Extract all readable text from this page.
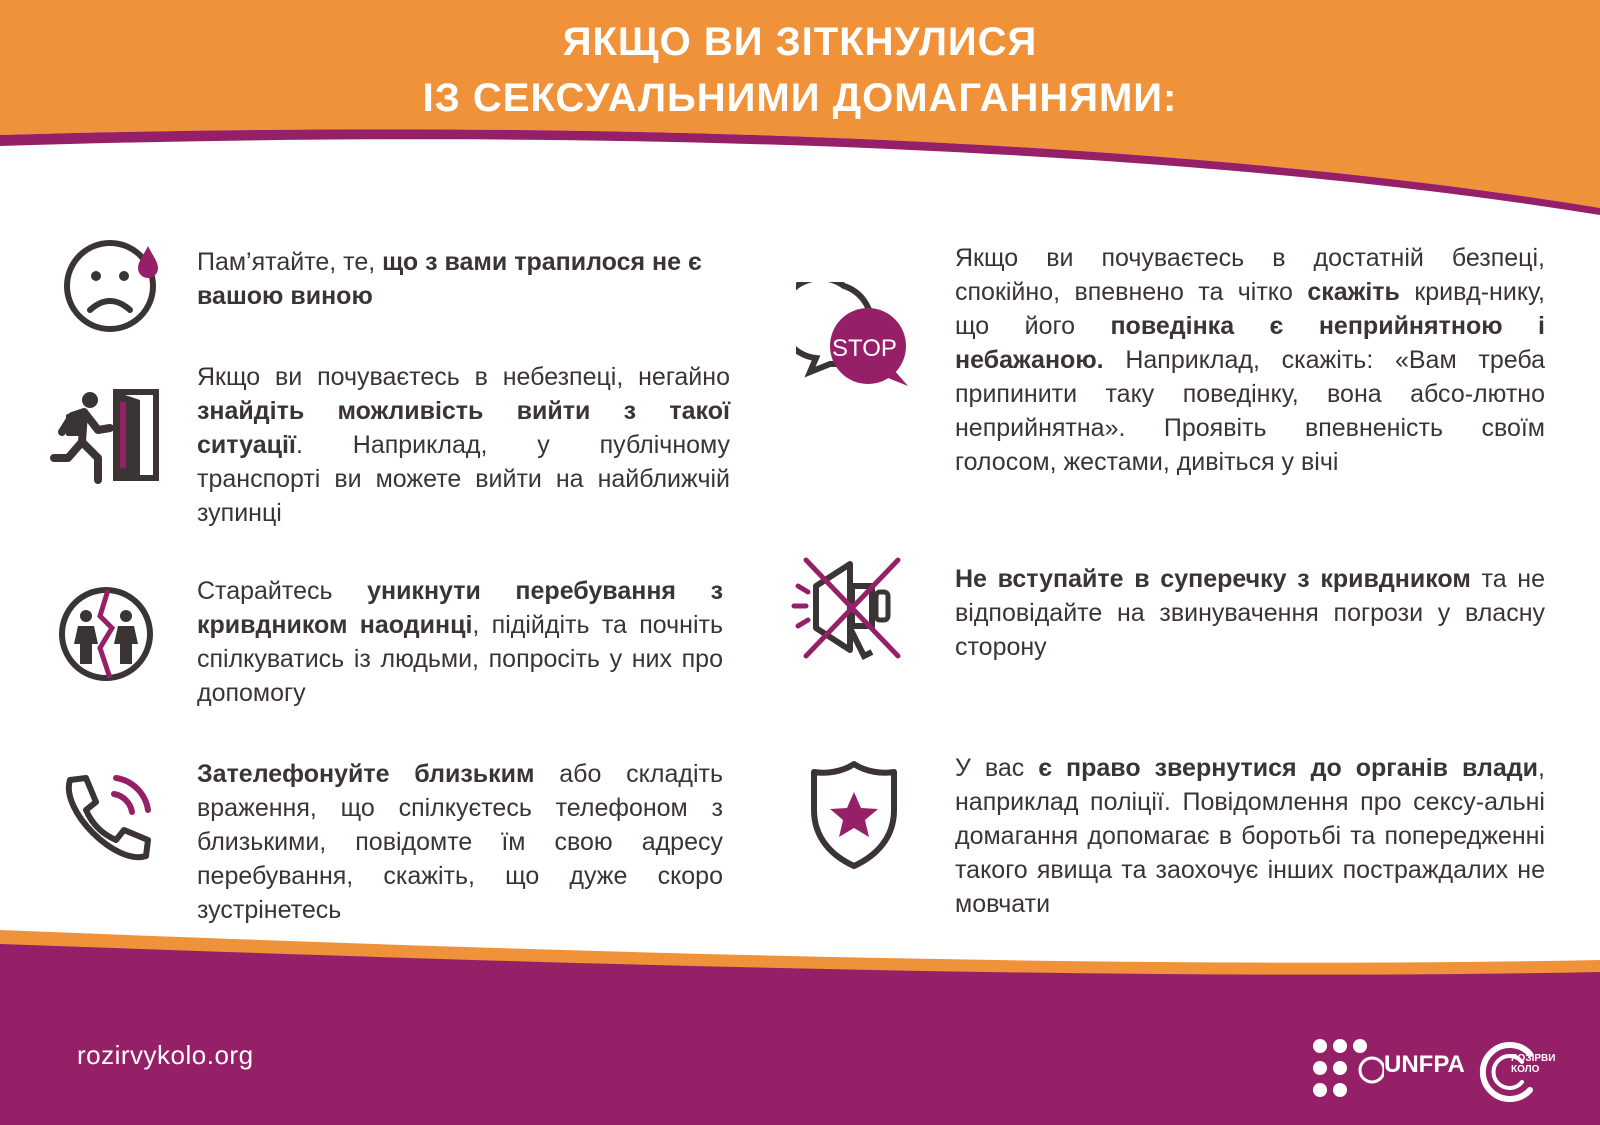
ЯКЩО ВИ ЗІТКНУЛИСЯ
ІЗ СЕКСУАЛЬНИМИ ДОМАГАННЯМИ:

Пам’ятайте, те, що з вами трапилося не є вашою виною

Якщо ви почуваєтесь в небезпеці, негайно знайдіть можливість вийти з такої ситуації. Наприклад, у публічному транспорті ви можете вийти на найближчій зупинці

Старайтесь уникнути перебування з кривдником наодинці, підійдіть та почніть спілкуватись із людьми, попросіть у них про допомогу

Зателефонуйте близьким або складіть враження, що спілкуєтесь телефоном з близькими, повідомте їм свою адресу перебування, скажіть, що дуже скоро зустрінетесь

STOP

Якщо ви почуваєтесь в достатній безпеці, спокійно, впевнено та чітко скажіть кривд-нику, що його поведінка є неприйнятною і небажаною. Наприклад, скажіть: «Вам треба припинити таку поведінку, вона абсо-лютно неприйнятна». Проявіть впевненість своїм голосом, жестами, дивіться у вічі

Не вступайте в суперечку з кривдником та не відповідайте на звинувачення погрози у власну сторону

У вас є право звернутися до органів влади, наприклад поліції. Повідомлення про сексу-альні домагання допомагає в боротьбі та попередженні такого явища та заохочує інших постраждалих не мовчати

rozirvykolo.org	UNFPA	РОЗІРВИ
КОЛО
